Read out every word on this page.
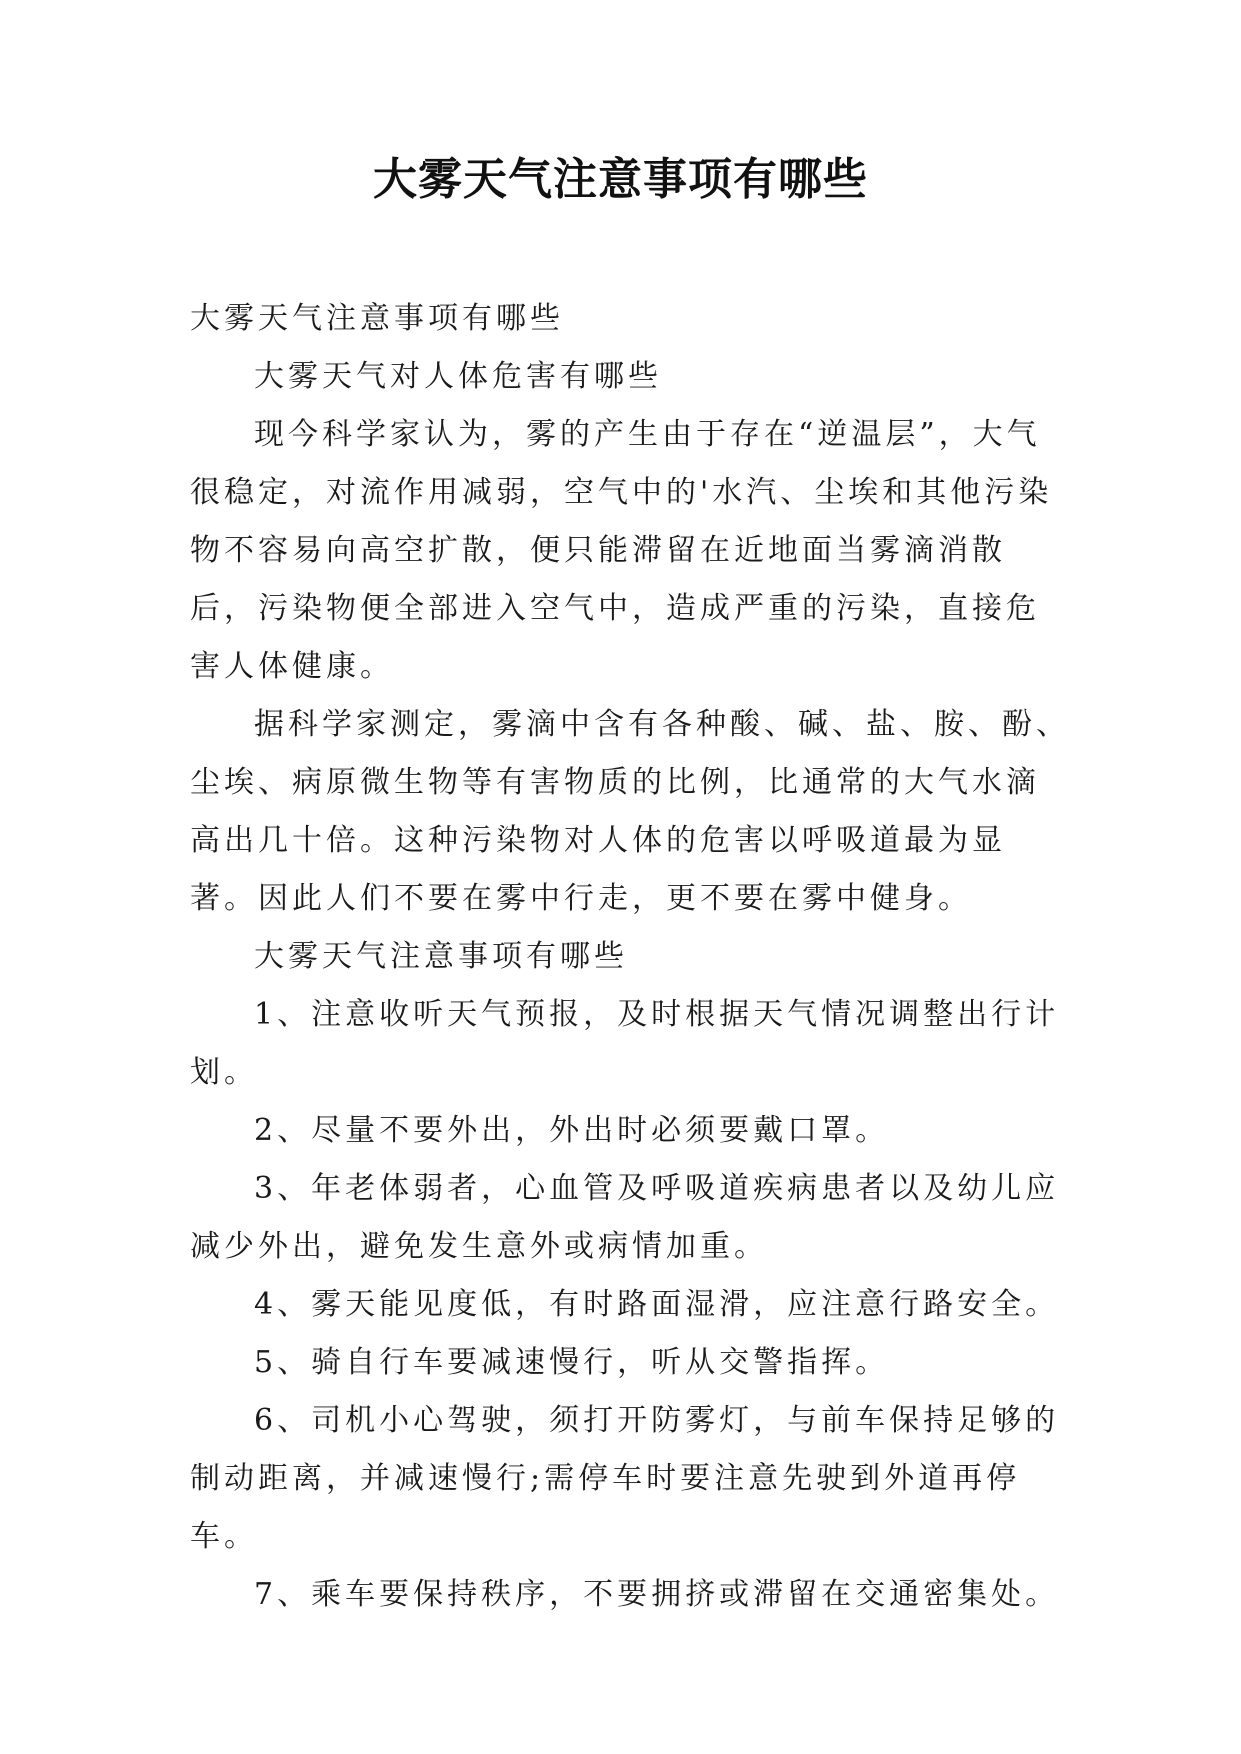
大雾天气注意事项有哪些

大雾天气注意事项有哪些

大雾天气对人体危害有哪些

现今科学家认为，雾的产生由于存在“逆温层”，大气很稳定，对流作用减弱，空气中的'水汽、尘埃和其他污染物不容易向高空扩散，便只能滞留在近地面当雾滴消散后，污染物便全部进入空气中，造成严重的污染，直接危害人体健康。

据科学家测定，雾滴中含有各种酸、碱、盐、胺、酚、尘埃、病原微生物等有害物质的比例，比通常的大气水滴高出几十倍。这种污染物对人体的危害以呼吸道最为显著。因此人们不要在雾中行走，更不要在雾中健身。

大雾天气注意事项有哪些

1、注意收听天气预报，及时根据天气情况调整出行计划。

2、尽量不要外出，外出时必须要戴口罩。

3、年老体弱者，心血管及呼吸道疾病患者以及幼儿应减少外出，避免发生意外或病情加重。

4、雾天能见度低，有时路面湿滑，应注意行路安全。

5、骑自行车要减速慢行，听从交警指挥。

6、司机小心驾驶，须打开防雾灯，与前车保持足够的制动距离，并减速慢行;需停车时要注意先驶到外道再停车。

7、乘车要保持秩序，不要拥挤或滞留在交通密集处。
